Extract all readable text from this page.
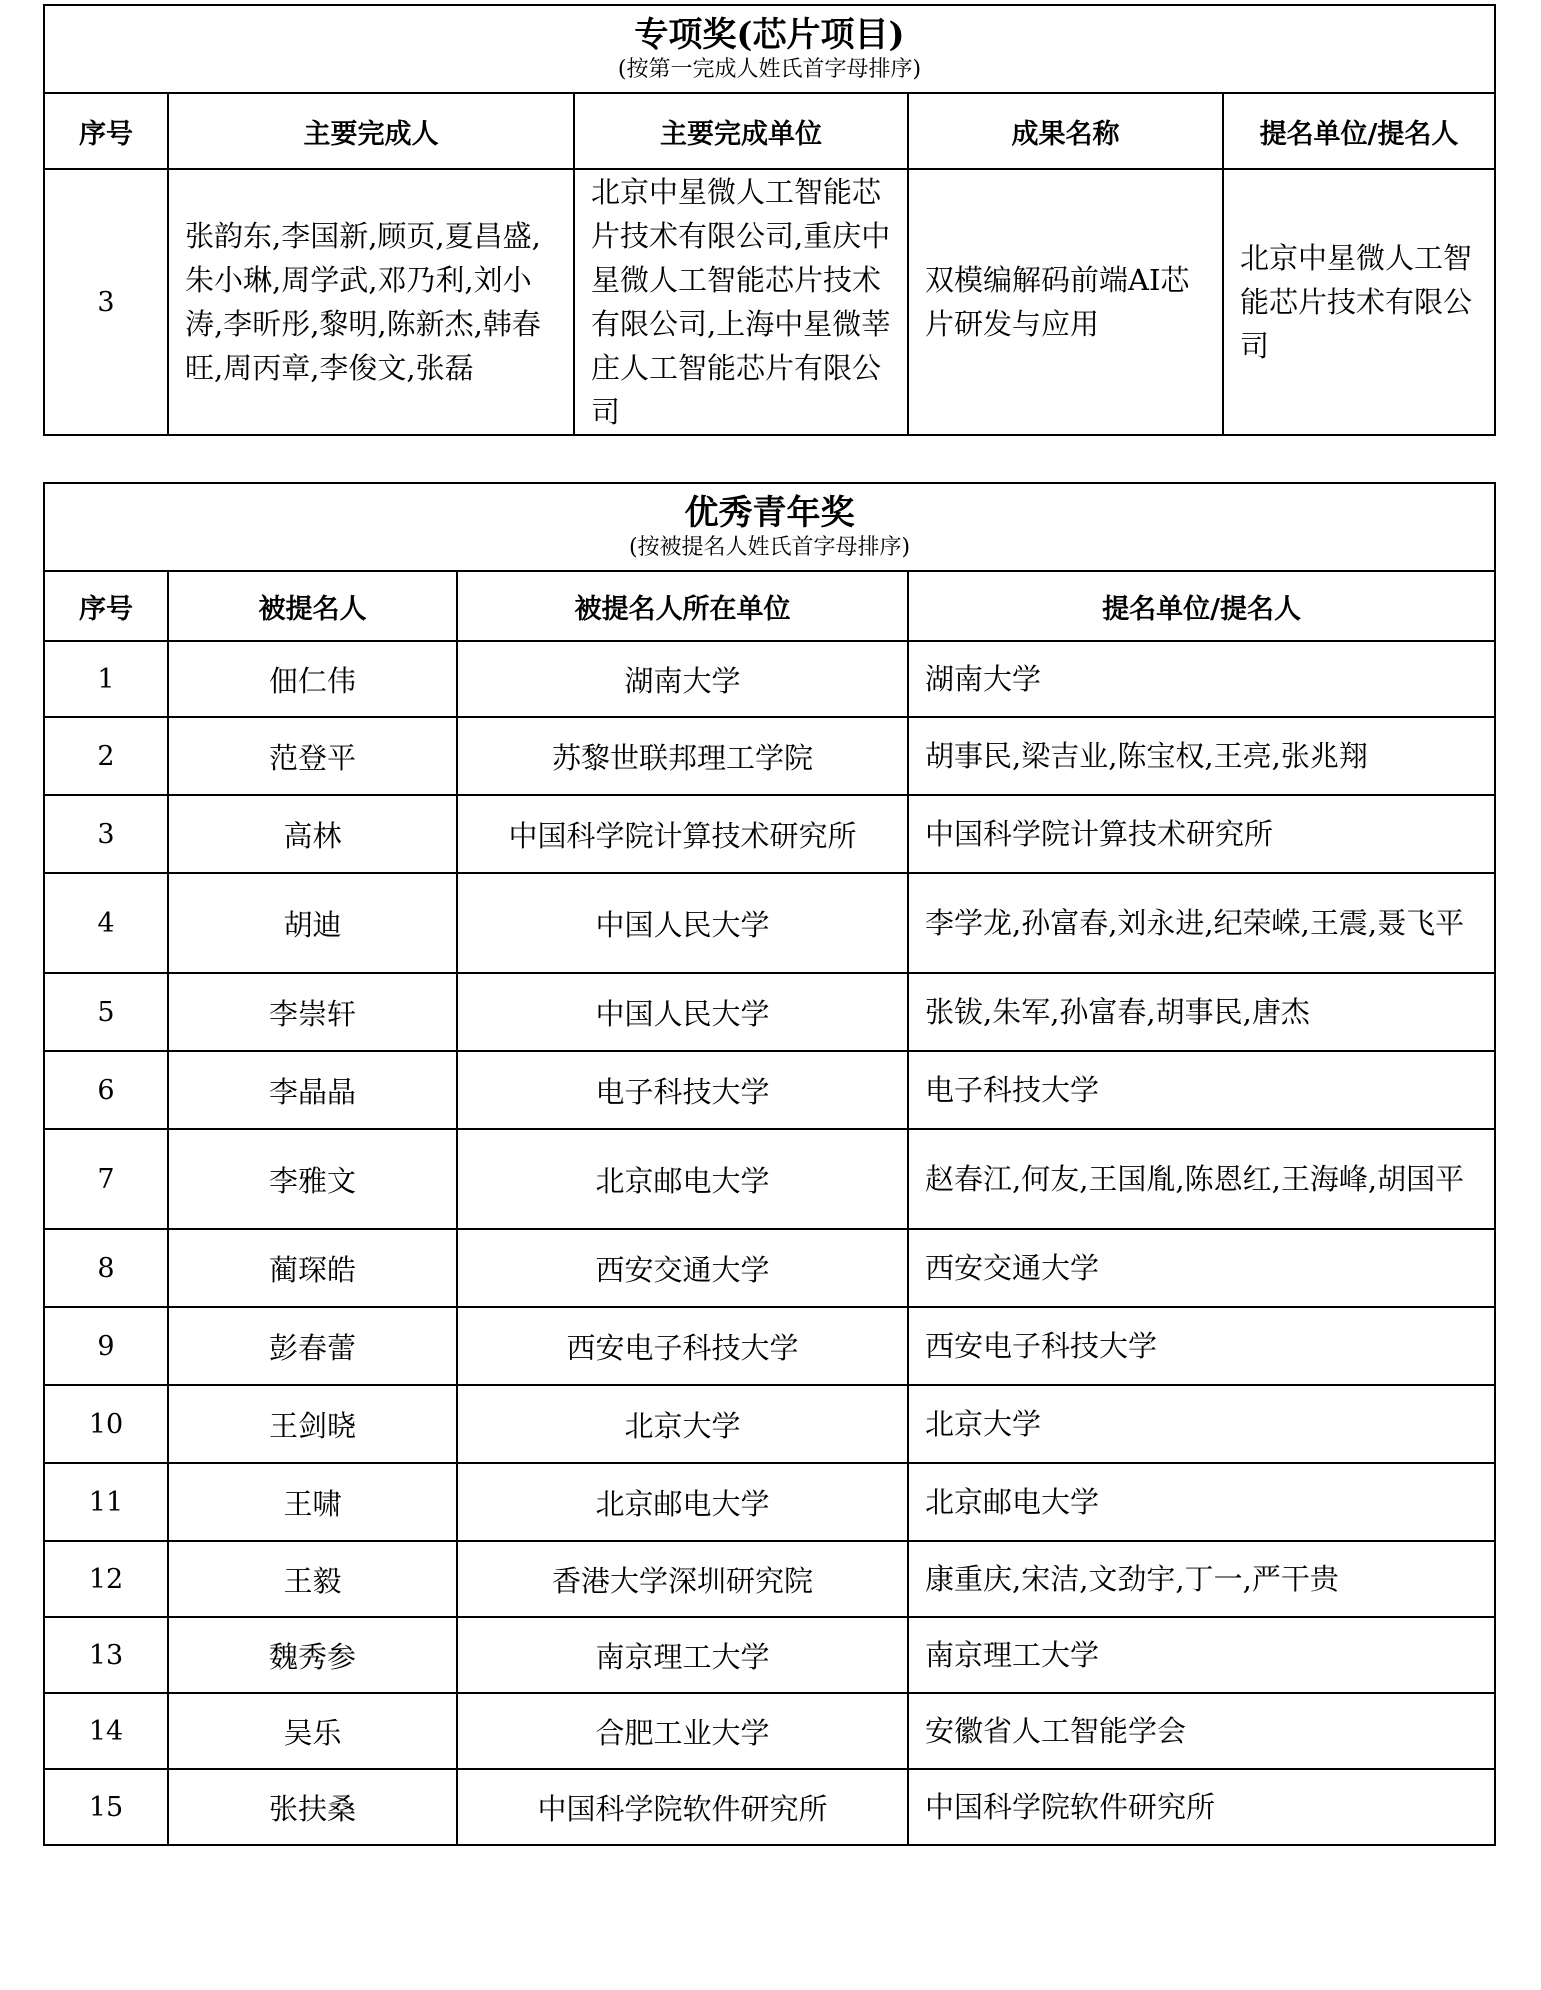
专项奖(芯片项目)
(按第一完成人姓氏首字母排序)				

序号	主要完成人	主要完成单位	成果名称	提名单位/提名人
3	张韵东,李国新,顾页,夏昌盛,朱小琳,周学武,邓乃利,刘小涛,李昕彤,黎明,陈新杰,韩春旺,周丙章,李俊文,张磊	北京中星微人工智能芯片技术有限公司,重庆中星微人工智能芯片技术有限公司,上海中星微莘庄人工智能芯片有限公司	双模编解码前端AI芯片研发与应用	北京中星微人工智能芯片技术有限公司
优秀青年奖
(按被提名人姓氏首字母排序)			

序号	被提名人	被提名人所在单位	提名单位/提名人
1	佃仁伟	湖南大学	湖南大学
2	范登平	苏黎世联邦理工学院	胡事民,梁吉业,陈宝权,王亮,张兆翔
3	高林	中国科学院计算技术研究所	中国科学院计算技术研究所
4	胡迪	中国人民大学	李学龙,孙富春,刘永进,纪荣嵘,王震,聂飞平
5	李崇轩	中国人民大学	张钹,朱军,孙富春,胡事民,唐杰
6	李晶晶	电子科技大学	电子科技大学
7	李雅文	北京邮电大学	赵春江,何友,王国胤,陈恩红,王海峰,胡国平
8	蔺琛皓	西安交通大学	西安交通大学
9	彭春蕾	西安电子科技大学	西安电子科技大学
10	王剑晓	北京大学	北京大学
11	王啸	北京邮电大学	北京邮电大学
12	王毅	香港大学深圳研究院	康重庆,宋洁,文劲宇,丁一,严干贵
13	魏秀参	南京理工大学	南京理工大学
14	吴乐	合肥工业大学	安徽省人工智能学会
15	张扶桑	中国科学院软件研究所	中国科学院软件研究所
